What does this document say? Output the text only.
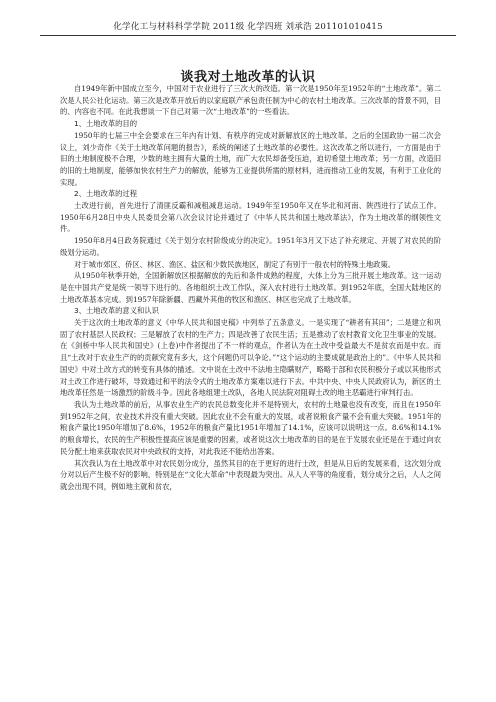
化学化工与材料科学学院 2011级 化学四班 刘承浩 201101010415
谈我对土地改革的认识

自1949年新中国成立至今，中国对于农业进行了三次大的改造。第一次是1950年至1952年的“土地改革”。第二次是人民公社化运动。第三次是改革开放后的以家庭联产承包责任制为中心的农村土地改革。三次改革的背景不同，目的、内容也不同。在此我想谈一下自己对第一次“土地改革”的一些看法。

1、土地改革的目的

1950年的七届三中全会要求在三年内有计划、有秩序的完成对新解放区的土地改革。之后的全国政协一届二次会议上，刘少奇作《关于土地改革问题的报告》，系统的阐述了土地改革的必要性。这次改革之所以进行，一方面是由于旧的土地制度极不合理，少数的地主拥有大量的土地，而广大农民却备受压迫，迫切希望土地改革；另一方面，改造旧的旧的土地制度，能够加快农村生产力的解放，能够为工业提供所需的原材料，进而推动工业的发展，有利于工业化的实现。

2、土地改革的过程

土改进行前，首先进行了清匪反霸和减租减息运动。1949年至1950年又在华北和河南、陕西进行了试点工作。1950年6月28日中央人民委员会第八次会议讨论并通过了《中华人民共和国土地改革法》，作为土地改革的纲领性文件。

1950年8月4日政务院通过《关于划分农村阶级成分的决定》。1951年3月又下达了补充规定、开展了对农民的阶级划分运动。

对于城市郊区、侨区、林区、渔区、盐区和少数民族地区，制定了有别于一般农村的特殊土地政策。

从1950年秋季开始，全国新解放区根据解放的先后和条件成熟的程度，大体上分为三批开展土地改革。这一运动是在中国共产党是统一领导下进行的。各地组织土改工作队，深入农村进行土地改革。到1952年底，全国大陆地区的土地改革基本完成。到1957年除新疆、西藏外其他的牧区和渔区、林区也完成了土地改革。

3、土地改革的意义和认识

关于这次的土地改革的意义《中华人民共和国史稿》中列举了五条意义。一是实现了“耕者有其田”；二是建立和巩固了农村基层人民政权；三是解放了农村的生产力；四是改善了农民生活；五是推动了农村教育文化卫生事业的发展。在《剑桥中华人民共和国史》(上卷)中作者提出了不一样的观点，作者认为在土改中受益最大不是贫农而是中农。而且“土改对于农业生产的的贡献究竟有多大，这个问题仍可以争论。”“这个运动的主要成就是政治上的”。《中华人民共和国史》中对土改方式的转变有具体的描述。文中说在土改中不法地主隐瞒财产，略略于部和农民积极分子或以其他形式对土改工作进行破坏，导致通过和平的法令式的土地改革方案难以进行下去。中共中央、中央人民政府认为，新区的土地改革任然是一场激烈的阶级斗争。因此各地组建土改队，各地人民法院对阻碍土改的地主恶霸进行审判打击。

我认为土地改革的前后，从事农业生产的农民总数变化并不是特别大，农村的土地量也没有改变，而且在1950年到1952年之间，农业技术并没有重大突破。因此农业不会有重大的发展，或者说粮食产量不会有重大突破。1951年的粮食产量比1950年增加了8.6%，1952年的粮食产量比1951年增加了14.1%，应该可以说明这一点。8.6%和14.1%的粮食增长，农民的生产积极性提高应该是重要的因素，或者说这次土地改革的目的是在于发展农业还是在于通过向农民分配土地来获取农民对中央政权的支持，对此我还不能给出答案。

其次我认为在土地改革中对农民划分成分，虽然其目的在于更好的进行土改，但是从日后的发展来看，这次划分成分对以后产生极不好的影响，特别是在“文化大革命”中表现最为突出。从人人平等的角度看，划分成分之后，人人之间就会出现不同，例如地主就和贫农，
